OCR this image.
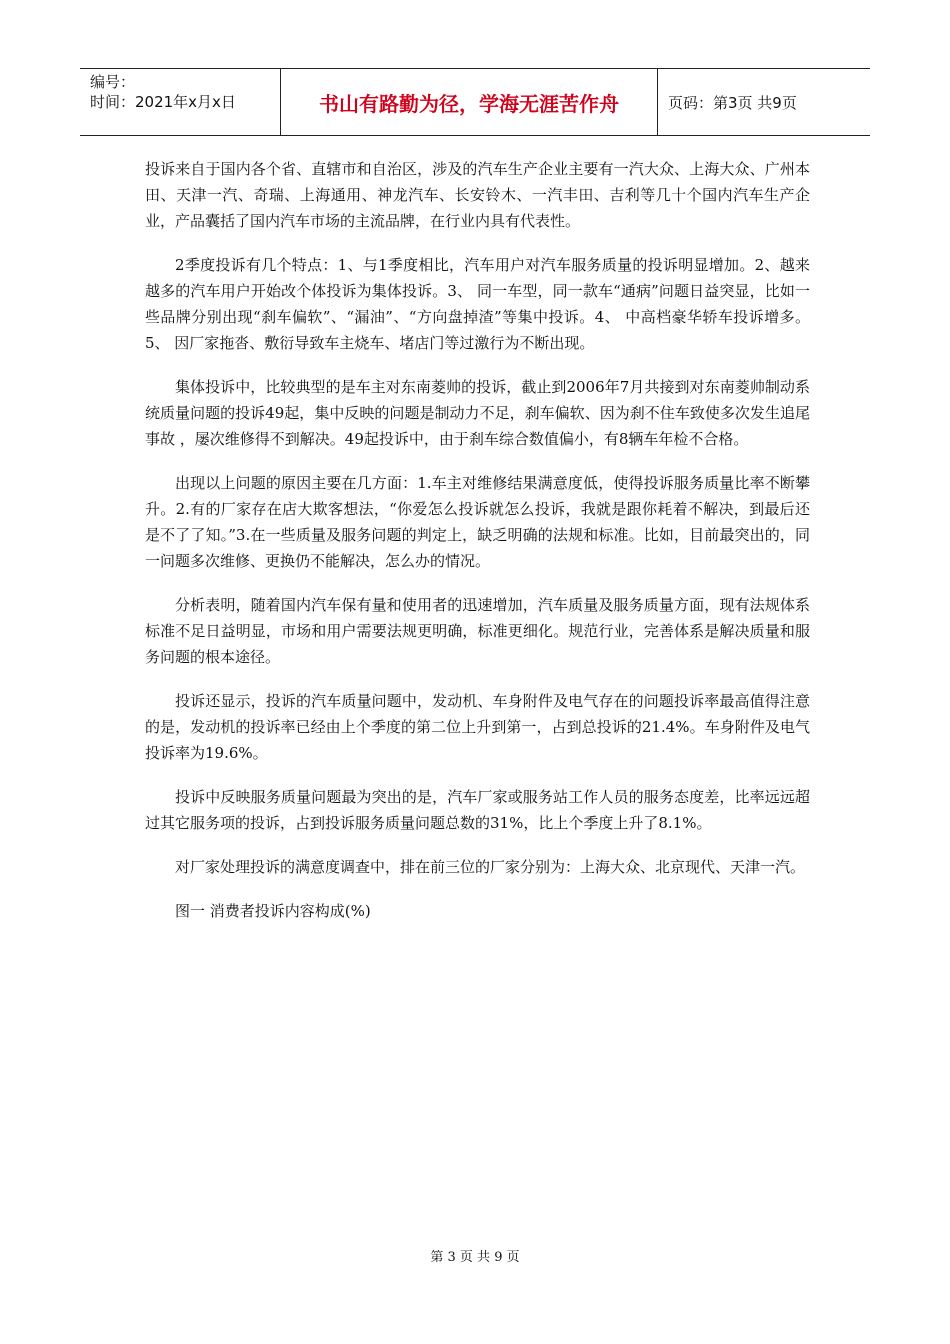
编号：
时间：2021年x月x日	书山有路勤为径，学海无涯苦作舟	页码：第3页 共9页

投诉来自于国内各个省、直辖市和自治区，涉及的汽车生产企业主要有一汽大众、上海大众、广州本田、天津一汽、奇瑞、上海通用、神龙汽车、长安铃木、一汽丰田、吉利等几十个国内汽车生产企业，产品囊括了国内汽车市场的主流品牌，在行业内具有代表性。

2季度投诉有几个特点：1、与1季度相比，汽车用户对汽车服务质量的投诉明显增加。2、越来越多的汽车用户开始改个体投诉为集体投诉。3、 同一车型，同一款车“通病”问题日益突显，比如一些品牌分别出现“刹车偏软”、“漏油”、“方向盘掉渣”等集中投诉。4、 中高档豪华轿车投诉增多。 5、 因厂家拖沓、敷衍导致车主烧车、堵店门等过激行为不断出现。

集体投诉中，比较典型的是车主对东南菱帅的投诉，截止到2006年7月共接到对东南菱帅制动系统质量问题的投诉49起，集中反映的问题是制动力不足，刹车偏软、因为刹不住车致使多次发生追尾事故 ，屡次维修得不到解决。49起投诉中，由于刹车综合数值偏小，有8辆车年检不合格。

出现以上问题的原因主要在几方面：1.车主对维修结果满意度低，使得投诉服务质量比率不断攀升。2.有的厂家存在店大欺客想法，“你爱怎么投诉就怎么投诉，我就是跟你耗着不解决，到最后还是不了了知。”3.在一些质量及服务问题的判定上，缺乏明确的法规和标准。比如，目前最突出的，同一问题多次维修、更换仍不能解决，怎么办的情况。

分析表明，随着国内汽车保有量和使用者的迅速增加，汽车质量及服务质量方面，现有法规体系标准不足日益明显，市场和用户需要法规更明确，标准更细化。规范行业，完善体系是解决质量和服务问题的根本途径。

投诉还显示，投诉的汽车质量问题中，发动机、车身附件及电气存在的问题投诉率最高值得注意的是，发动机的投诉率已经由上个季度的第二位上升到第一，占到总投诉的21.4%。车身附件及电气投诉率为19.6%。

投诉中反映服务质量问题最为突出的是，汽车厂家或服务站工作人员的服务态度差，比率远远超过其它服务项的投诉，占到投诉服务质量问题总数的31%，比上个季度上升了8.1%。

对厂家处理投诉的满意度调查中，排在前三位的厂家分别为：上海大众、北京现代、天津一汽。

图一 消费者投诉内容构成(%)

第 3 页 共 9 页
